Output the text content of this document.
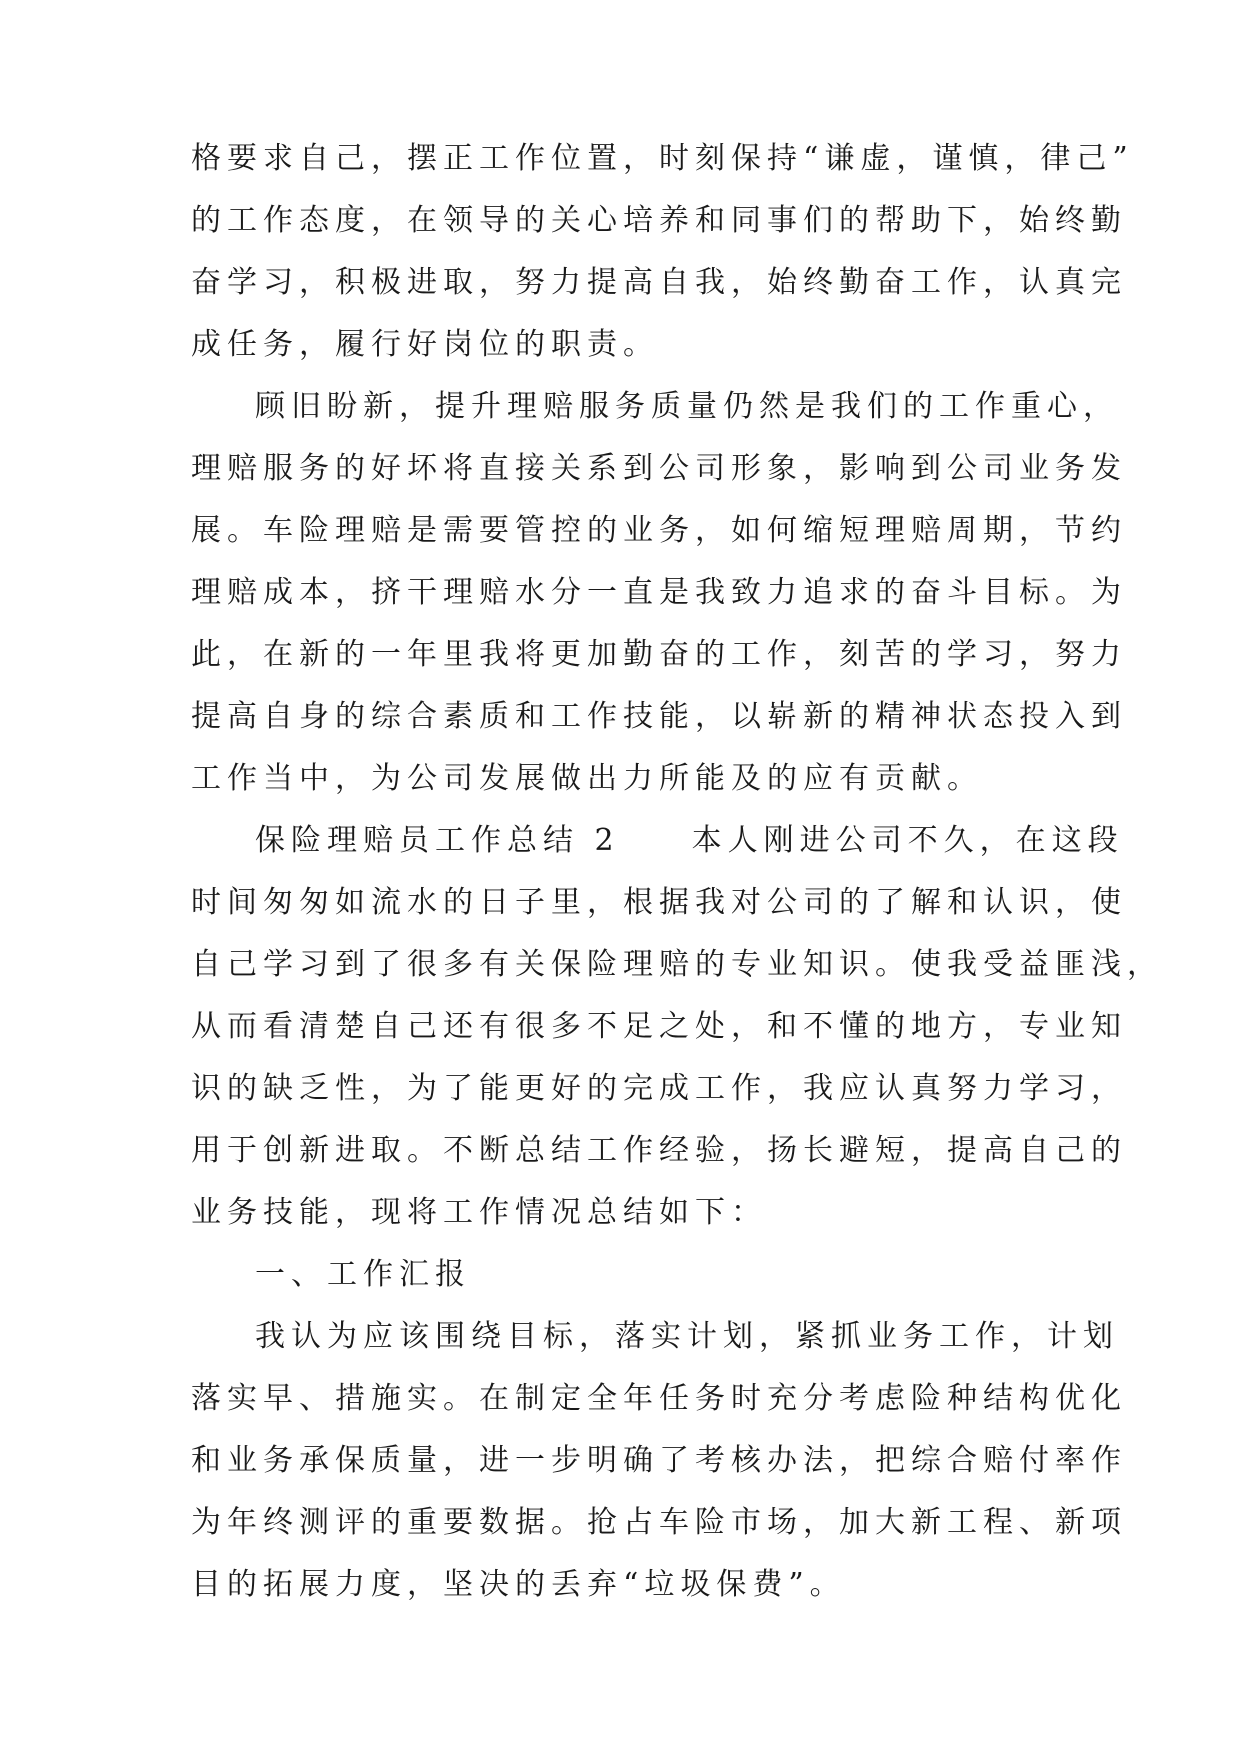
格要求自己，摆正工作位置，时刻保持“谦虚，谨慎，律己”
的工作态度，在领导的关心培养和同事们的帮助下，始终勤
奋学习，积极进取，努力提高自我，始终勤奋工作，认真完
成任务，履行好岗位的职责。
顾旧盼新，提升理赔服务质量仍然是我们的工作重心，
理赔服务的好坏将直接关系到公司形象，影响到公司业务发
展。车险理赔是需要管控的业务，如何缩短理赔周期，节约
理赔成本，挤干理赔水分一直是我致力追求的奋斗目标。为
此，在新的一年里我将更加勤奋的工作，刻苦的学习，努力
提高自身的综合素质和工作技能，以崭新的精神状态投入到
工作当中，为公司发展做出力所能及的应有贡献。
保险理赔员工作总结 2　　本人刚进公司不久，在这段
时间匆匆如流水的日子里，根据我对公司的了解和认识，使
自己学习到了很多有关保险理赔的专业知识。使我受益匪浅，
从而看清楚自己还有很多不足之处，和不懂的地方，专业知
识的缺乏性，为了能更好的完成工作，我应认真努力学习，
用于创新进取。不断总结工作经验，扬长避短，提高自己的
业务技能，现将工作情况总结如下：
一、工作汇报
我认为应该围绕目标，落实计划，紧抓业务工作，计划
落实早、措施实。在制定全年任务时充分考虑险种结构优化
和业务承保质量，进一步明确了考核办法，把综合赔付率作
为年终测评的重要数据。抢占车险市场，加大新工程、新项
目的拓展力度，坚决的丢弃“垃圾保费”。
